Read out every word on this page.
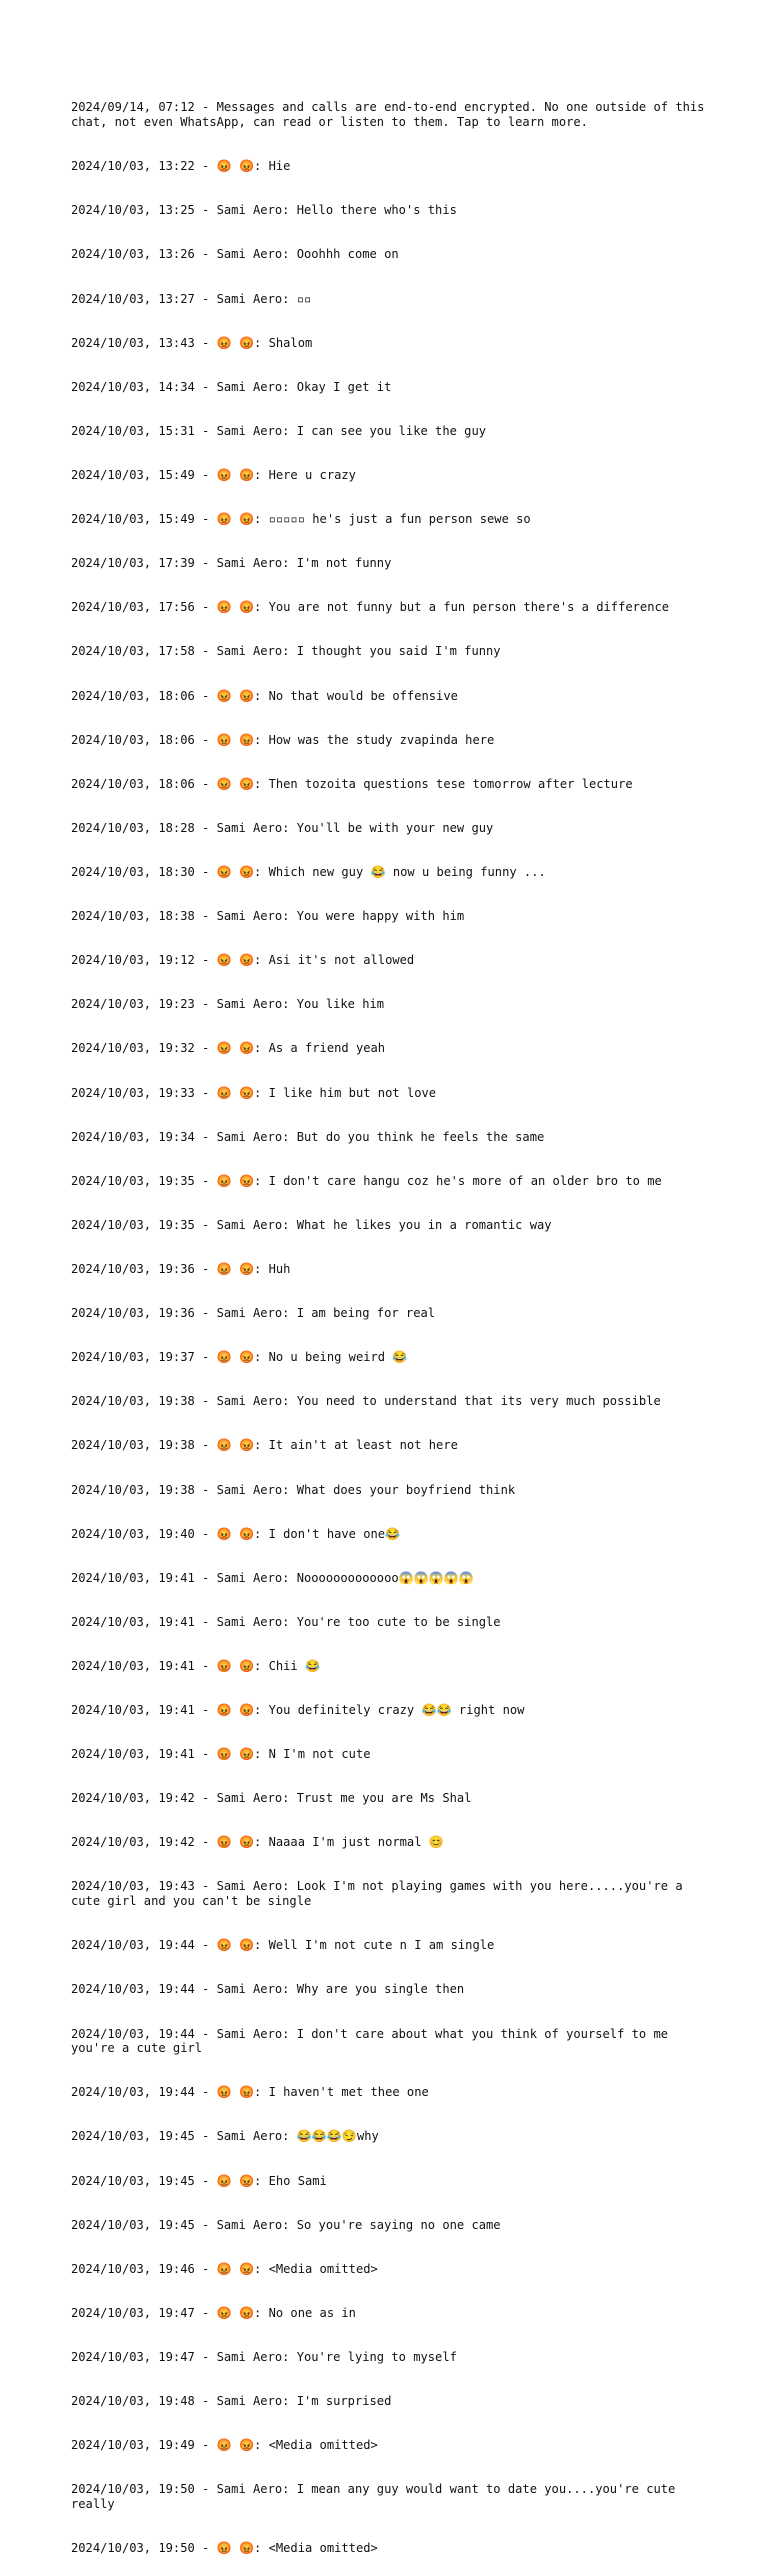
2024/09/14, 07:12 - Messages and calls are end-to-end encrypted. No one outside of this chat, not even WhatsApp, can read or listen to them. Tap to learn more.

2024/10/03, 13:22 - 😡 😡: Hie

2024/10/03, 13:25 - Sami Aero: Hello there who's this

2024/10/03, 13:26 - Sami Aero: Ooohhh come on

2024/10/03, 13:27 - Sami Aero: ▫▫

2024/10/03, 13:43 - 😡 😡: Shalom

2024/10/03, 14:34 - Sami Aero: Okay I get it

2024/10/03, 15:31 - Sami Aero: I can see you like the guy

2024/10/03, 15:49 - 😡 😡: Here u crazy

2024/10/03, 15:49 - 😡 😡: ▫▫▫▫▫ he's just a fun person sewe so

2024/10/03, 17:39 - Sami Aero: I'm not funny

2024/10/03, 17:56 - 😡 😡: You are not funny but a fun person there's a difference

2024/10/03, 17:58 - Sami Aero: I thought you said I'm funny

2024/10/03, 18:06 - 😡 😡: No that would be offensive

2024/10/03, 18:06 - 😡 😡: How was the study zvapinda here

2024/10/03, 18:06 - 😡 😡: Then tozoita questions tese tomorrow after lecture

2024/10/03, 18:28 - Sami Aero: You'll be with your new guy

2024/10/03, 18:30 - 😡 😡: Which new guy 😂 now u being funny ...

2024/10/03, 18:38 - Sami Aero: You were happy with him

2024/10/03, 19:12 - 😡 😡: Asi it's not allowed

2024/10/03, 19:23 - Sami Aero: You like him

2024/10/03, 19:32 - 😡 😡: As a friend yeah

2024/10/03, 19:33 - 😡 😡: I like him but not love

2024/10/03, 19:34 - Sami Aero: But do you think he feels the same

2024/10/03, 19:35 - 😡 😡: I don't care hangu coz he's more of an older bro to me

2024/10/03, 19:35 - Sami Aero: What he likes you in a romantic way

2024/10/03, 19:36 - 😡 😡: Huh

2024/10/03, 19:36 - Sami Aero: I am being for real

2024/10/03, 19:37 - 😡 😡: No u being weird 😂

2024/10/03, 19:38 - Sami Aero: You need to understand that its very much possible

2024/10/03, 19:38 - 😡 😡: It ain't at least not here

2024/10/03, 19:38 - Sami Aero: What does your boyfriend think

2024/10/03, 19:40 - 😡 😡: I don't have one😂

2024/10/03, 19:41 - Sami Aero: Nooooooooooooo😱😱😱😱😱

2024/10/03, 19:41 - Sami Aero: You're too cute to be single

2024/10/03, 19:41 - 😡 😡: Chii 😂

2024/10/03, 19:41 - 😡 😡: You definitely crazy 😂😂 right now

2024/10/03, 19:41 - 😡 😡: N I'm not cute

2024/10/03, 19:42 - Sami Aero: Trust me you are Ms Shal

2024/10/03, 19:42 - 😡 😡: Naaaa I'm just normal 😊

2024/10/03, 19:43 - Sami Aero: Look I'm not playing games with you here.....you're a cute girl and you can't be single

2024/10/03, 19:44 - 😡 😡: Well I'm not cute n I am single

2024/10/03, 19:44 - Sami Aero: Why are you single then

2024/10/03, 19:44 - Sami Aero: I don't care about what you think of yourself to me you're a cute girl

2024/10/03, 19:44 - 😡 😡: I haven't met thee one

2024/10/03, 19:45 - Sami Aero: 😂😂😂😏why

2024/10/03, 19:45 - 😡 😡: Eho Sami

2024/10/03, 19:45 - Sami Aero: So you're saying no one came

2024/10/03, 19:46 - 😡 😡: <Media omitted>

2024/10/03, 19:47 - 😡 😡: No one as in

2024/10/03, 19:47 - Sami Aero: You're lying to myself

2024/10/03, 19:48 - Sami Aero: I'm surprised

2024/10/03, 19:49 - 😡 😡: <Media omitted>

2024/10/03, 19:50 - Sami Aero: I mean any guy would want to date you....you're cute really

2024/10/03, 19:50 - 😡 😡: <Media omitted>
